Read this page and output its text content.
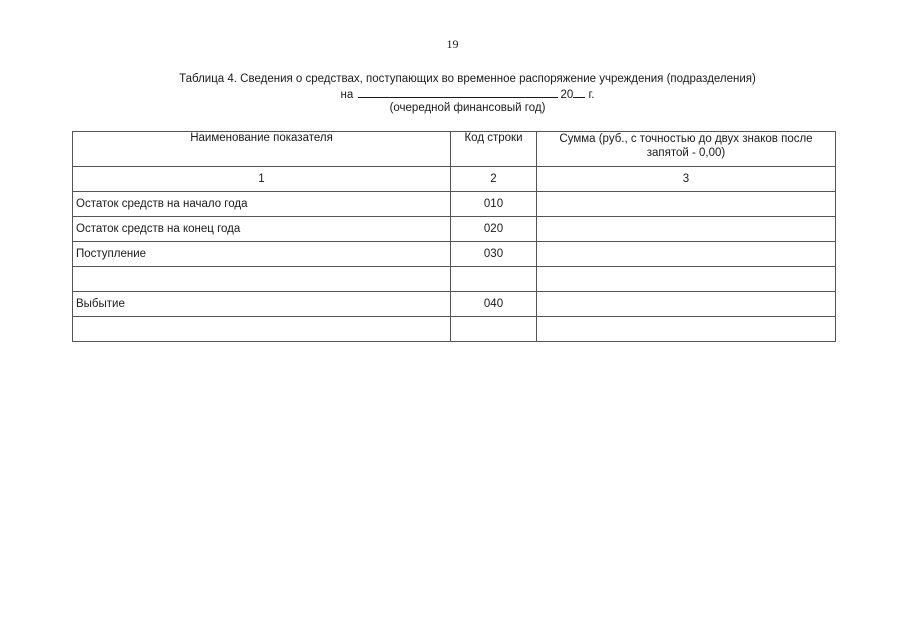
19
Таблица 4. Сведения о средствах, поступающих во временное распоряжение учреждения (подразделения)
на	20 г.
(очередной финансовый год)
Наименование показателя	Код строки	Сумма (руб., с точностью до двух знаков после запятой - 0,00)
1	2	3
Остаток средств на начало года	010	
Остаток средств на конец года	020	
Поступление	030	

Выбытие	040	
